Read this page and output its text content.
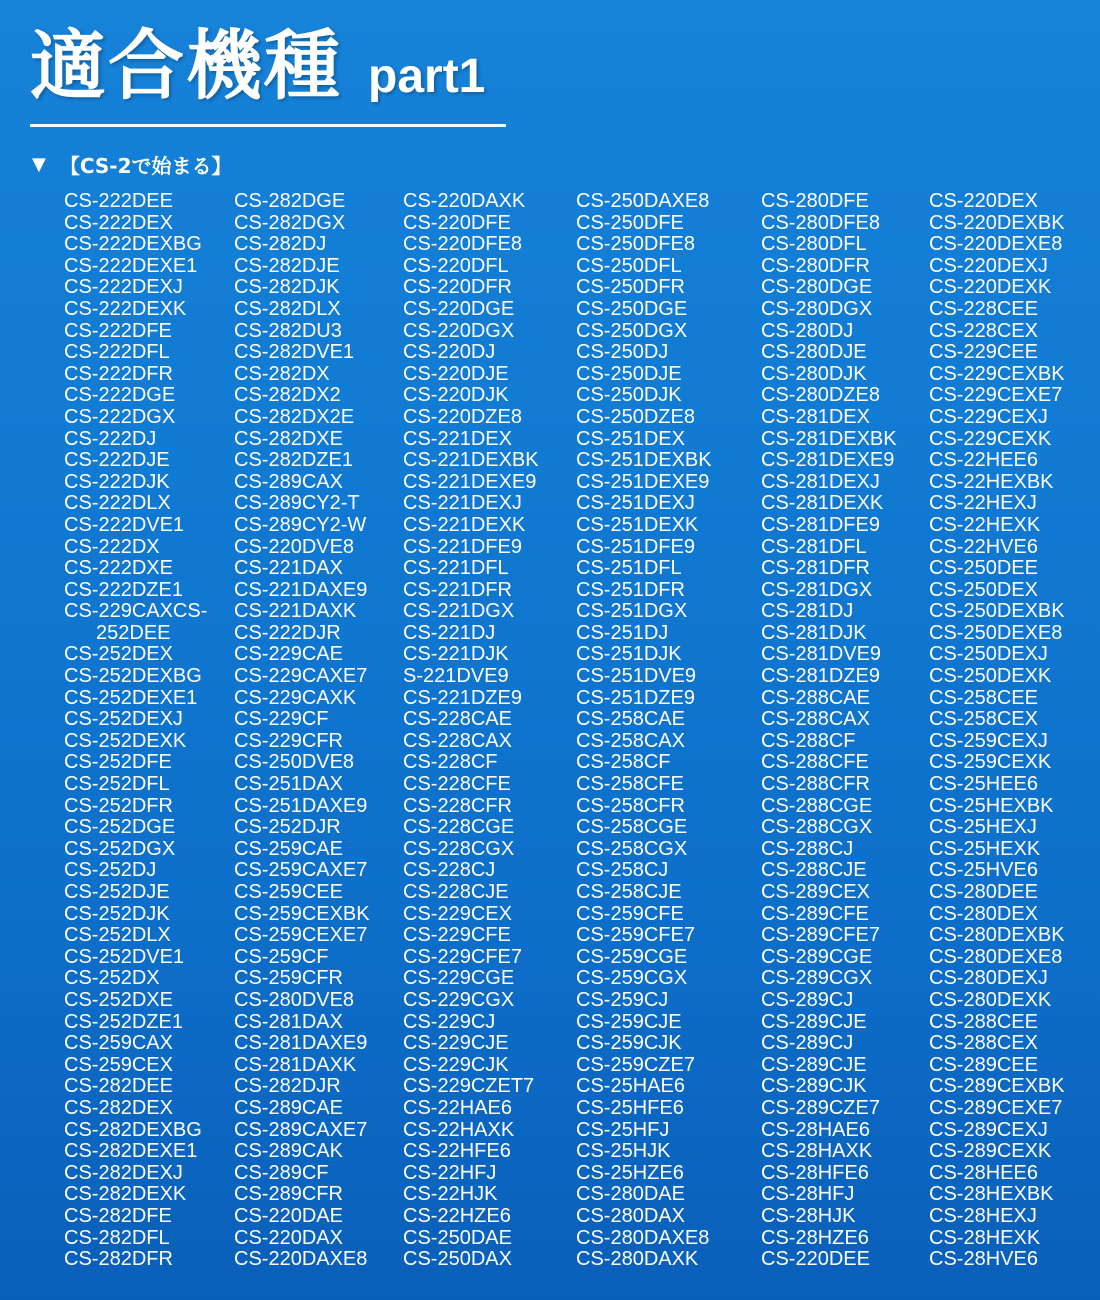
適合機種 part1
▼ 【CS-2で始まる】
CS-222DEE
CS-222DEX
CS-222DEXBG
CS-222DEXE1
CS-222DEXJ
CS-222DEXK
CS-222DFE
CS-222DFL
CS-222DFR
CS-222DGE
CS-222DGX
CS-222DJ
CS-222DJE
CS-222DJK
CS-222DLX
CS-222DVE1
CS-222DX
CS-222DXE
CS-222DZE1
CS-229CAXCS-
252DEE
CS-252DEX
CS-252DEXBG
CS-252DEXE1
CS-252DEXJ
CS-252DEXK
CS-252DFE
CS-252DFL
CS-252DFR
CS-252DGE
CS-252DGX
CS-252DJ
CS-252DJE
CS-252DJK
CS-252DLX
CS-252DVE1
CS-252DX
CS-252DXE
CS-252DZE1
CS-259CAX
CS-259CEX
CS-282DEE
CS-282DEX
CS-282DEXBG
CS-282DEXE1
CS-282DEXJ
CS-282DEXK
CS-282DFE
CS-282DFL
CS-282DFR
CS-282DGE
CS-282DGX
CS-282DJ
CS-282DJE
CS-282DJK
CS-282DLX
CS-282DU3
CS-282DVE1
CS-282DX
CS-282DX2
CS-282DX2E
CS-282DXE
CS-282DZE1
CS-289CAX
CS-289CY2-T
CS-289CY2-W
CS-220DVE8
CS-221DAX
CS-221DAXE9
CS-221DAXK
CS-222DJR
CS-229CAE
CS-229CAXE7
CS-229CAXK
CS-229CF
CS-229CFR
CS-250DVE8
CS-251DAX
CS-251DAXE9
CS-252DJR
CS-259CAE
CS-259CAXE7
CS-259CEE
CS-259CEXBK
CS-259CEXE7
CS-259CF
CS-259CFR
CS-280DVE8
CS-281DAX
CS-281DAXE9
CS-281DAXK
CS-282DJR
CS-289CAE
CS-289CAXE7
CS-289CAK
CS-289CF
CS-289CFR
CS-220DAE
CS-220DAX
CS-220DAXE8
CS-220DAXK
CS-220DFE
CS-220DFE8
CS-220DFL
CS-220DFR
CS-220DGE
CS-220DGX
CS-220DJ
CS-220DJE
CS-220DJK
CS-220DZE8
CS-221DEX
CS-221DEXBK
CS-221DEXE9
CS-221DEXJ
CS-221DEXK
CS-221DFE9
CS-221DFL
CS-221DFR
CS-221DGX
CS-221DJ
CS-221DJK
S-221DVE9
CS-221DZE9
CS-228CAE
CS-228CAX
CS-228CF
CS-228CFE
CS-228CFR
CS-228CGE
CS-228CGX
CS-228CJ
CS-228CJE
CS-229CEX
CS-229CFE
CS-229CFE7
CS-229CGE
CS-229CGX
CS-229CJ
CS-229CJE
CS-229CJK
CS-229CZET7
CS-22HAE6
CS-22HAXK
CS-22HFE6
CS-22HFJ
CS-22HJK
CS-22HZE6
CS-250DAE
CS-250DAX
CS-250DAXE8
CS-250DFE
CS-250DFE8
CS-250DFL
CS-250DFR
CS-250DGE
CS-250DGX
CS-250DJ
CS-250DJE
CS-250DJK
CS-250DZE8
CS-251DEX
CS-251DEXBK
CS-251DEXE9
CS-251DEXJ
CS-251DEXK
CS-251DFE9
CS-251DFL
CS-251DFR
CS-251DGX
CS-251DJ
CS-251DJK
CS-251DVE9
CS-251DZE9
CS-258CAE
CS-258CAX
CS-258CF
CS-258CFE
CS-258CFR
CS-258CGE
CS-258CGX
CS-258CJ
CS-258CJE
CS-259CFE
CS-259CFE7
CS-259CGE
CS-259CGX
CS-259CJ
CS-259CJE
CS-259CJK
CS-259CZE7
CS-25HAE6
CS-25HFE6
CS-25HFJ
CS-25HJK
CS-25HZE6
CS-280DAE
CS-280DAX
CS-280DAXE8
CS-280DAXK
CS-280DFE
CS-280DFE8
CS-280DFL
CS-280DFR
CS-280DGE
CS-280DGX
CS-280DJ
CS-280DJE
CS-280DJK
CS-280DZE8
CS-281DEX
CS-281DEXBK
CS-281DEXE9
CS-281DEXJ
CS-281DEXK
CS-281DFE9
CS-281DFL
CS-281DFR
CS-281DGX
CS-281DJ
CS-281DJK
CS-281DVE9
CS-281DZE9
CS-288CAE
CS-288CAX
CS-288CF
CS-288CFE
CS-288CFR
CS-288CGE
CS-288CGX
CS-288CJ
CS-288CJE
CS-289CEX
CS-289CFE
CS-289CFE7
CS-289CGE
CS-289CGX
CS-289CJ
CS-289CJE
CS-289CJ
CS-289CJE
CS-289CJK
CS-289CZE7
CS-28HAE6
CS-28HAXK
CS-28HFE6
CS-28HFJ
CS-28HJK
CS-28HZE6
CS-220DEE
CS-220DEX
CS-220DEXBK
CS-220DEXE8
CS-220DEXJ
CS-220DEXK
CS-228CEE
CS-228CEX
CS-229CEE
CS-229CEXBK
CS-229CEXE7
CS-229CEXJ
CS-229CEXK
CS-22HEE6
CS-22HEXBK
CS-22HEXJ
CS-22HEXK
CS-22HVE6
CS-250DEE
CS-250DEX
CS-250DEXBK
CS-250DEXE8
CS-250DEXJ
CS-250DEXK
CS-258CEE
CS-258CEX
CS-259CEXJ
CS-259CEXK
CS-25HEE6
CS-25HEXBK
CS-25HEXJ
CS-25HEXK
CS-25HVE6
CS-280DEE
CS-280DEX
CS-280DEXBK
CS-280DEXE8
CS-280DEXJ
CS-280DEXK
CS-288CEE
CS-288CEX
CS-289CEE
CS-289CEXBK
CS-289CEXE7
CS-289CEXJ
CS-289CEXK
CS-28HEE6
CS-28HEXBK
CS-28HEXJ
CS-28HEXK
CS-28HVE6
